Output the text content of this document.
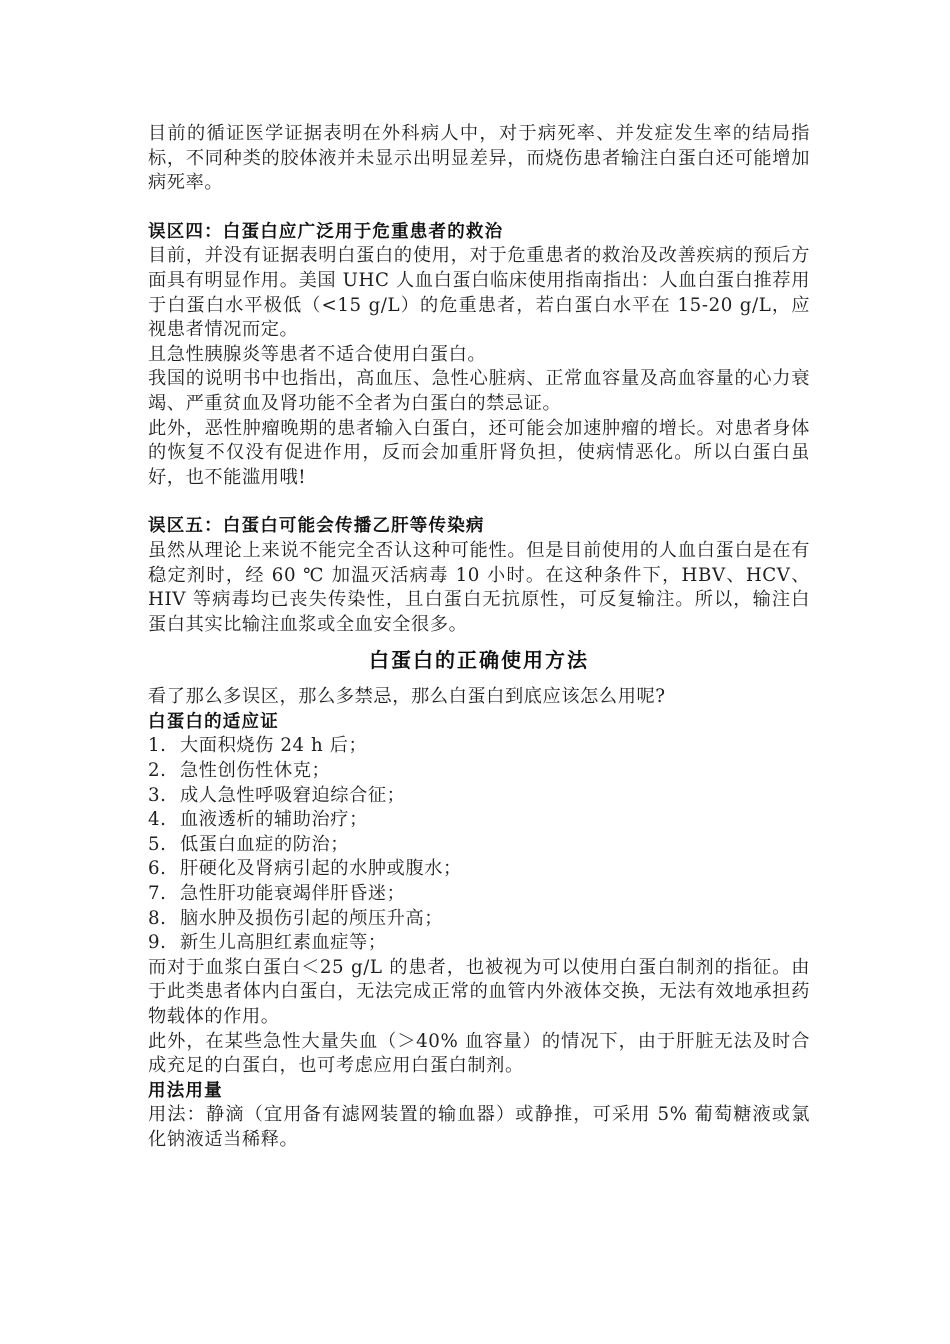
目前的循证医学证据表明在外科病人中，对于病死率、并发症发生率的结局指标，不同种类的胶体液并未显示出明显差异，而烧伤患者输注白蛋白还可能增加病死率。

误区四：白蛋白应广泛用于危重患者的救治

目前，并没有证据表明白蛋白的使用，对于危重患者的救治及改善疾病的预后方面具有明显作用。美国 UHC 人血白蛋白临床使用指南指出：人血白蛋白推荐用于白蛋白水平极低（<15 g/L）的危重患者，若白蛋白水平在 15-20 g/L，应视患者情况而定。

且急性胰腺炎等患者不适合使用白蛋白。

我国的说明书中也指出，高血压、急性心脏病、正常血容量及高血容量的心力衰竭、严重贫血及肾功能不全者为白蛋白的禁忌证。

此外，恶性肿瘤晚期的患者输入白蛋白，还可能会加速肿瘤的增长。对患者身体的恢复不仅没有促进作用，反而会加重肝肾负担，使病情恶化。所以白蛋白虽好，也不能滥用哦!

误区五：白蛋白可能会传播乙肝等传染病

虽然从理论上来说不能完全否认这种可能性。但是目前使用的人血白蛋白是在有稳定剂时，经 60 ℃ 加温灭活病毒 10 小时。在这种条件下，HBV、HCV、HIV 等病毒均已丧失传染性，且白蛋白无抗原性，可反复输注。所以，输注白蛋白其实比输注血浆或全血安全很多。

白蛋白的正确使用方法

看了那么多误区，那么多禁忌，那么白蛋白到底应该怎么用呢?

白蛋白的适应证

1. 大面积烧伤 24 h 后；
2. 急性创伤性休克；
3. 成人急性呼吸窘迫综合征；
4. 血液透析的辅助治疗；
5. 低蛋白血症的防治；
6. 肝硬化及肾病引起的水肿或腹水；
7. 急性肝功能衰竭伴肝昏迷；
8. 脑水肿及损伤引起的颅压升高；
9. 新生儿高胆红素血症等；

而对于血浆白蛋白＜25 g/L 的患者，也被视为可以使用白蛋白制剂的指征。由于此类患者体内白蛋白，无法完成正常的血管内外液体交换，无法有效地承担药物载体的作用。

此外，在某些急性大量失血（＞40% 血容量）的情况下，由于肝脏无法及时合成充足的白蛋白，也可考虑应用白蛋白制剂。

用法用量

用法：静滴（宜用备有滤网装置的输血器）或静推，可采用 5% 葡萄糖液或氯化钠液适当稀释。
